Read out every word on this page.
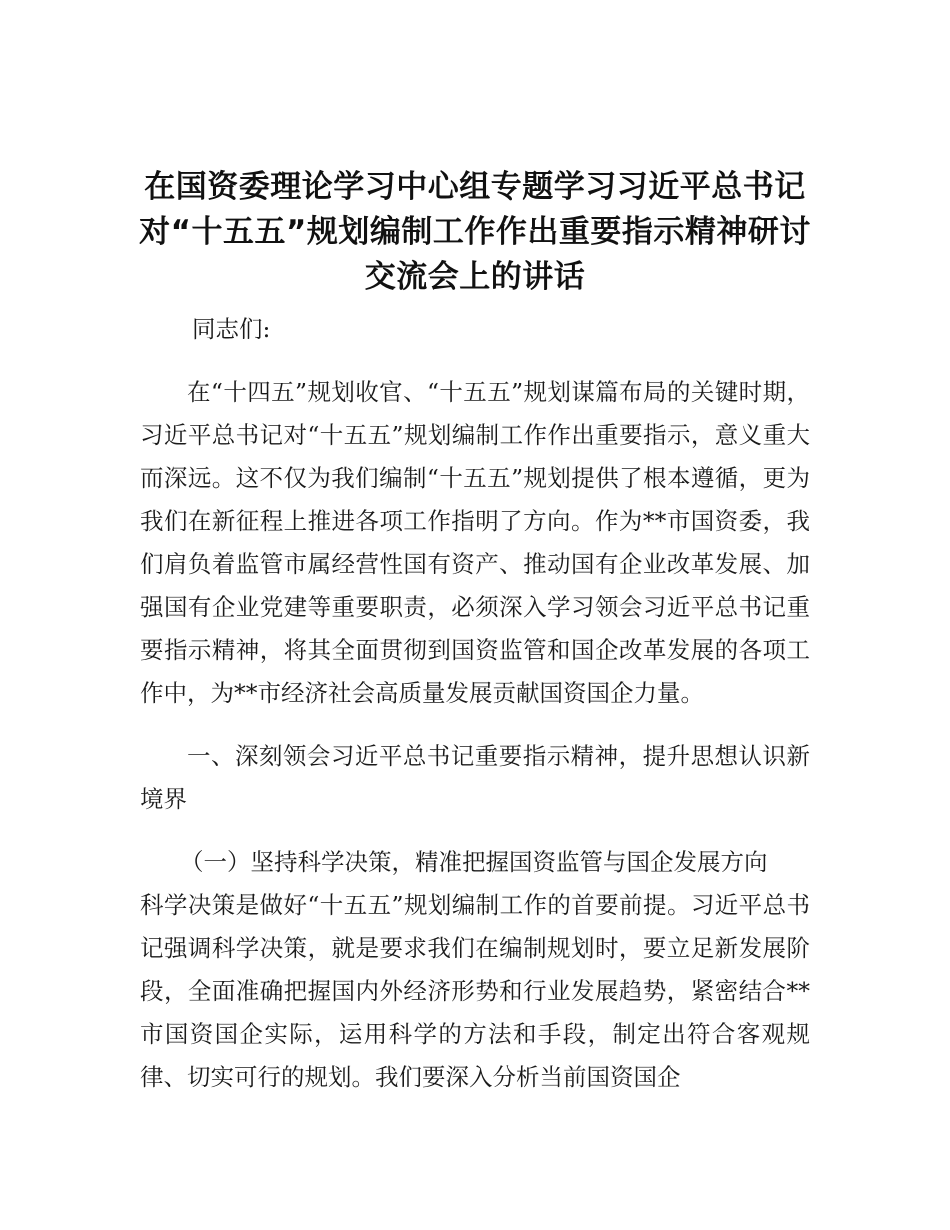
在国资委理论学习中心组专题学习习近平总书记对“十五五”规划编制工作作出重要指示精神研讨交流会上的讲话

同志们:

在“十四五”规划收官、“十五五”规划谋篇布局的关键时期，习近平总书记对“十五五”规划编制工作作出重要指示，意义重大而深远。这不仅为我们编制“十五五”规划提供了根本遵循，更为我们在新征程上推进各项工作指明了方向。作为**市国资委，我们肩负着监管市属经营性国有资产、推动国有企业改革发展、加强国有企业党建等重要职责，必须深入学习领会习近平总书记重要指示精神，将其全面贯彻到国资监管和国企改革发展的各项工作中，为**市经济社会高质量发展贡献国资国企力量。

一、深刻领会习近平总书记重要指示精神，提升思想认识新境界

（一）坚持科学决策，精准把握国资监管与国企发展方向

科学决策是做好“十五五”规划编制工作的首要前提。习近平总书记强调科学决策，就是要求我们在编制规划时，要立足新发展阶段，全面准确把握国内外经济形势和行业发展趋势，紧密结合**市国资国企实际，运用科学的方法和手段，制定出符合客观规律、切实可行的规划。我们要深入分析当前国资国企
